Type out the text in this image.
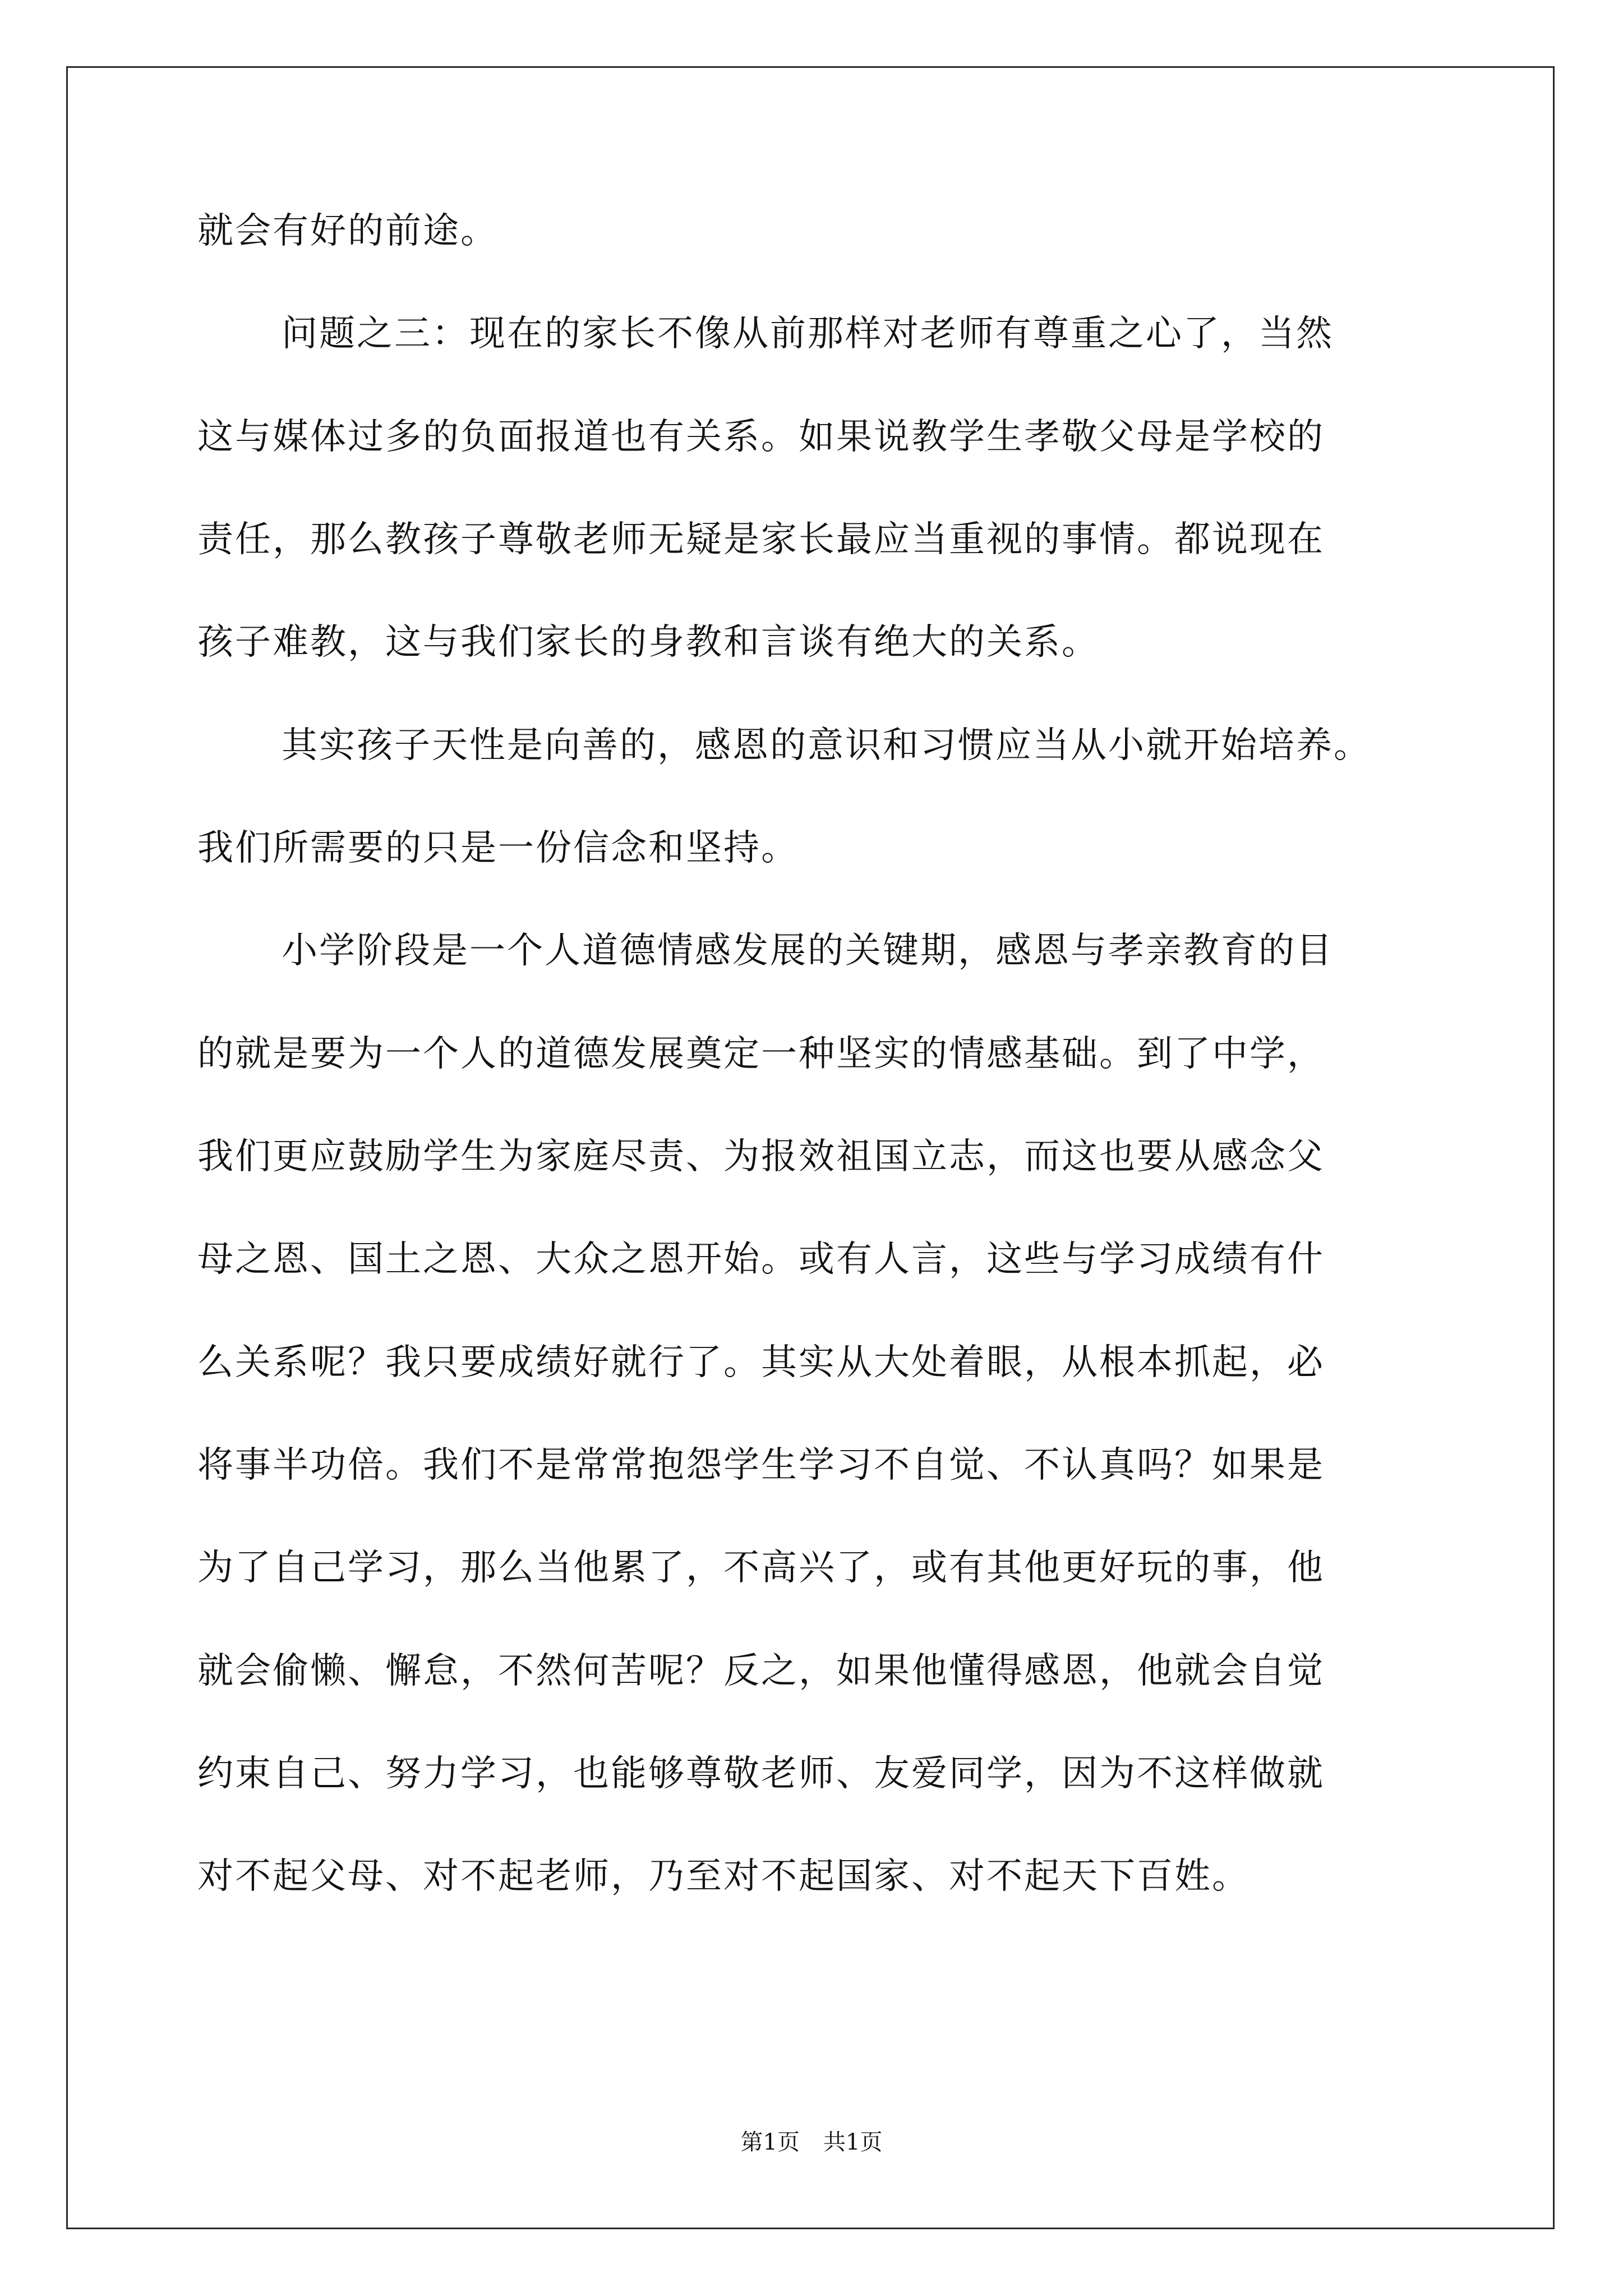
就会有好的前途。
问题之三：现在的家长不像从前那样对老师有尊重之心了，当然
这与媒体过多的负面报道也有关系。如果说教学生孝敬父母是学校的
责任，那么教孩子尊敬老师无疑是家长最应当重视的事情。都说现在
孩子难教，这与我们家长的身教和言谈有绝大的关系。
其实孩子天性是向善的，感恩的意识和习惯应当从小就开始培养。
我们所需要的只是一份信念和坚持。
小学阶段是一个人道德情感发展的关键期，感恩与孝亲教育的目
的就是要为一个人的道德发展奠定一种坚实的情感基础。到了中学，
我们更应鼓励学生为家庭尽责、为报效祖国立志，而这也要从感念父
母之恩、国土之恩、大众之恩开始。或有人言，这些与学习成绩有什
么关系呢？我只要成绩好就行了。其实从大处着眼，从根本抓起，必
将事半功倍。我们不是常常抱怨学生学习不自觉、不认真吗？如果是
为了自己学习，那么当他累了，不高兴了，或有其他更好玩的事，他
就会偷懒、懈怠，不然何苦呢？反之，如果他懂得感恩，他就会自觉
约束自己、努力学习，也能够尊敬老师、友爱同学，因为不这样做就
对不起父母、对不起老师，乃至对不起国家、对不起天下百姓。
第1页 共1页
